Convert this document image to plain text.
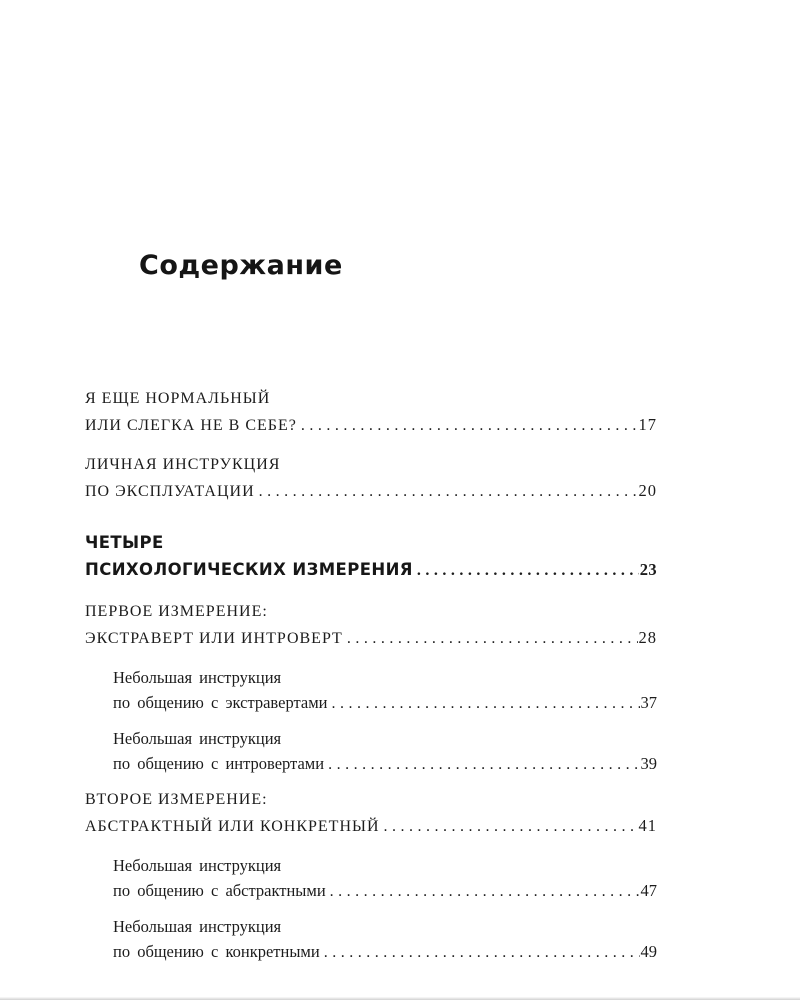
Содержание
Я ЕЩЕ НОРМАЛЬНЫЙ
ИЛИ СЛЕГКА НЕ В СЕБЕ? .....	17
ЛИЧНАЯ ИНСТРУКЦИЯ
ПО ЭКСПЛУАТАЦИИ .....	20
ЧЕТЫРЕ
ПСИХОЛОГИЧЕСКИХ ИЗМЕРЕНИЯ .....	23
ПЕРВОЕ ИЗМЕРЕНИЕ:
ЭКСТРАВЕРТ ИЛИ ИНТРОВЕРТ .....	28
Небольшая инструкция
по общению с экстравертами .....	37
Небольшая инструкция
по общению с интровертами .....	39
ВТОРОЕ ИЗМЕРЕНИЕ:
АБСТРАКТНЫЙ ИЛИ КОНКРЕТНЫЙ .....	41
Небольшая инструкция
по общению с абстрактными .....	47
Небольшая инструкция
по общению с конкретными .....	49
